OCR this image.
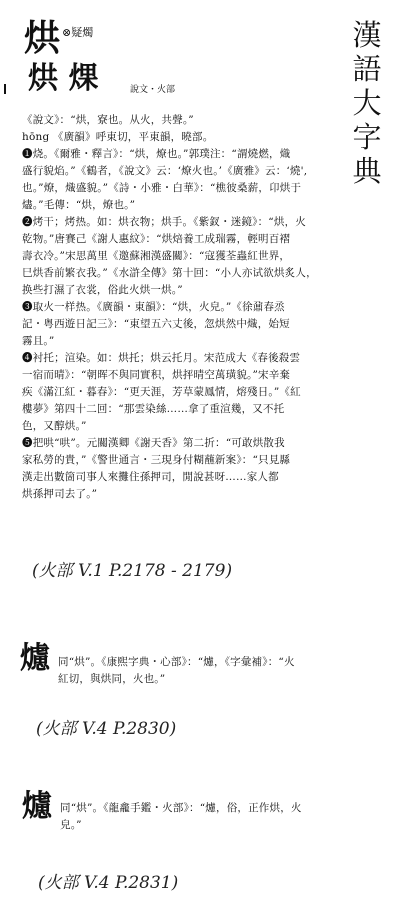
烘 ⊗疑燭	漢
語
大
字
典
烘 㷄	說文・火部
《說文》：“烘，寮也。从火，共聲。”
hōng 《廣韻》呼東切，平東韻，曉部。
❶烧。《爾雅・釋言》：“烘，燎也。”郭璞注：“謂燒燃，熾
盛行貌焰。”《鶴者，《說文》云：‘燎火也。’《廣雅》云：‘燒',
也。”燎，熾盛貌。”《詩・小雅・白華》：“樵彼桑薪，卬烘于
燼。”毛傳：“烘，燎也。”
❷烤干；烤热。如：烘衣物；烘手。《紫釵・迷鏡》：“烘，火
乾物。”唐賽己《謝人惠紋》：“烘焙養工成瑞霧，輕明百褶
壽衣冷。”宋思萬里《邀蘇湘漢盛關》：“寇獲荃蟲紅世界，
巳烘香前繁衣我。”《水滸全傳》第十回：“小人亦试欲烘炙人，
换些打濕了衣裳，俗此火烘一烘。”
❸取火一样热。《廣韻・東韻》：“烘，火皃。”《徐鼐春烝
記・粤西遊日記三》：“東望五六丈後，忽烘然中熾，始短
霧且。”
❹衬托；渲染。如：烘托；烘云托月。宋范成大《春後殺雲
一宿而晴》：“朝晖不與同實积，烘抨晴空萬璜貌。”宋辛棄
疾《滿江紅・暮春》：“更天涯，芳草蒙鳳情，熔殘日。”《紅
樓夢》第四十二回：“那雲染絲……拿了重渲幾，又不托
色，又醇烘。”
❺把哄“哄”。元關漢卿《謝天香》第二折：“可敢烘散我
家私勞的貴，”《警世通言・三現身付糊蘸新案》：“只見縣
漢走出數箇司事人來攤住孫押司，閒說甚呀……家人都
烘孫押司去了。”
(火部 V.1 P.2178 - 2179)
爈 同“烘”。《康熙字典・心部》：“爈，《字彙補》：“火
紅切，與烘同，火也。”
(火部 V.4 P.2830)
爈 同“烘”。《龍龕手鑑・火部》：“爈，俗，正作烘，火
皃。”
(火部 V.4 P.2831)
